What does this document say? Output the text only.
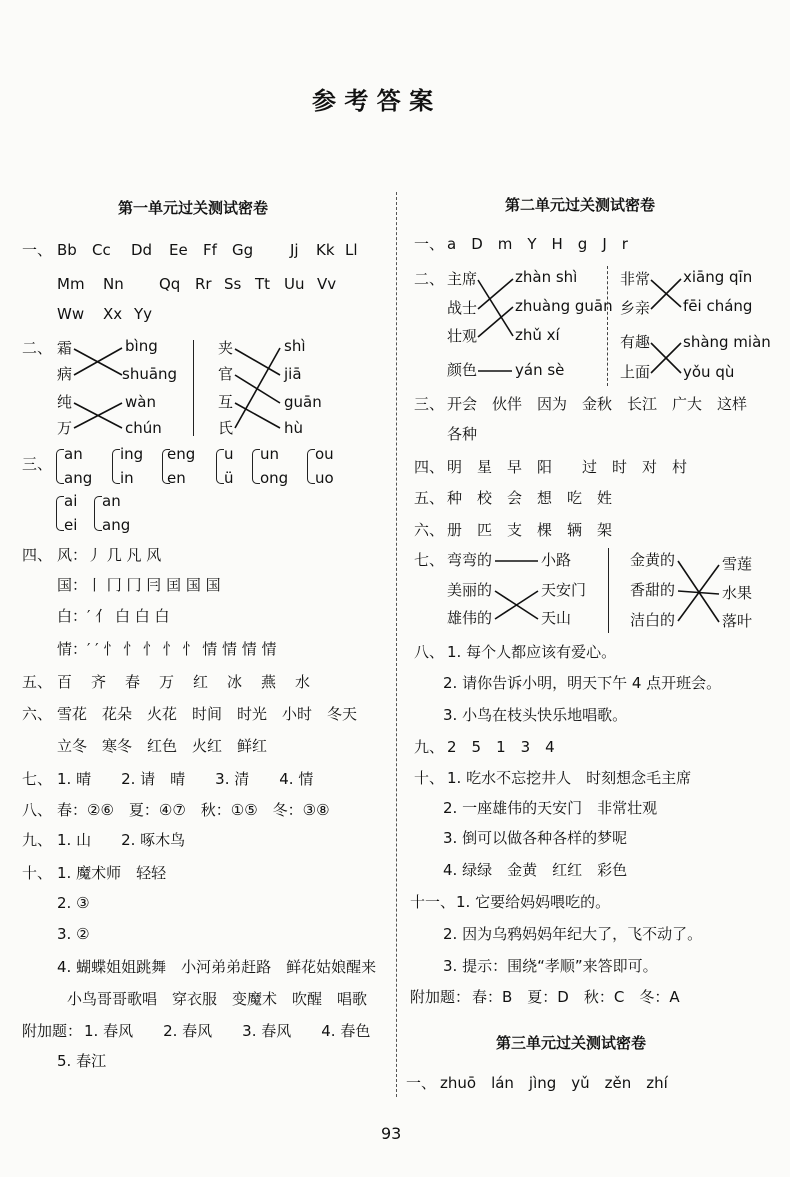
参 考 答 案
第一单元过关测试密卷
一、 Bb Cc Dd Ee Ff Gg Jj Kk Ll
Mm Nn Qq Rr Ss Tt Uu Vv
Ww Xx Yy
二、 霜
病
纯
万
bìng
shuāng
wàn
chún
夹
官
互
氏
shì
jiā
guān
hù
三、
an
ang
ing
in
eng
en
u
ü
un
ong
ou
uo
ai
ei
an
ang
四、 风：丿 几 凡 风
国：丨 冂 冂 冃 囯 国 国
白：′ 亻 白 白 白
情：′ ′ 忄 忄 忄 忄 忄 情 情 情 情
五、 百　齐　春　万　红　冰　燕　水
六、 雪花　花朵　火花　时间　时光　小时　冬天
立冬　寒冬　红色　火红　鲜红
七、 1. 晴　　2. 请　晴　　3. 清　　4. 情
八、 春：②⑥　夏：④⑦　秋：①⑤　冬：③⑧
九、 1. 山　　2. 啄木鸟
十、 1. 魔术师　轻轻
2. ③
3. ②
4. 蝴蝶姐姐跳舞　小河弟弟赶路　鲜花姑娘醒来
小鸟哥哥歌唱　穿衣服　变魔术　吹醒　唱歌
附加题： 1. 春风　　2. 春风　　3. 春风　　4. 春色
5. 春江
第二单元过关测试密卷
一、 a　D　m　Y　H　g　J　r
二、 主席
战士
壮观
颜色
zhàn shì
zhuàng guān
zhǔ xí
yán sè
非常
乡亲
有趣
上面
xiāng qīn
fēi cháng
shàng miàn
yǒu qù
三、 开会　伙伴　因为　金秋　长江　广大　这样
各种
四、 明　星　早　阳　　过　时　对　村
五、 种　校　会　想　吃　姓
六、 册　匹　支　棵　辆　架
七、 弯弯的
美丽的
雄伟的
小路
天安门
天山
金黄的
香甜的
洁白的
雪莲
水果
落叶
八、 1. 每个人都应该有爱心。
2. 请你告诉小明，明天下午 4 点开班会。
3. 小鸟在枝头快乐地唱歌。
九、 2　5　1　3　4
十、 1. 吃水不忘挖井人　时刻想念毛主席
2. 一座雄伟的天安门　非常壮观
3. 倒可以做各种各样的梦呢
4. 绿绿　金黄　红红　彩色
十一、 1. 它要给妈妈喂吃的。
2. 因为乌鸦妈妈年纪大了，飞不动了。
3. 提示：围绕“孝顺”来答即可。
附加题： 春：B　夏：D　秋：C　冬：A
第三单元过关测试密卷
一、 zhuō　lán　jìng　yǔ　zěn　zhí
93
